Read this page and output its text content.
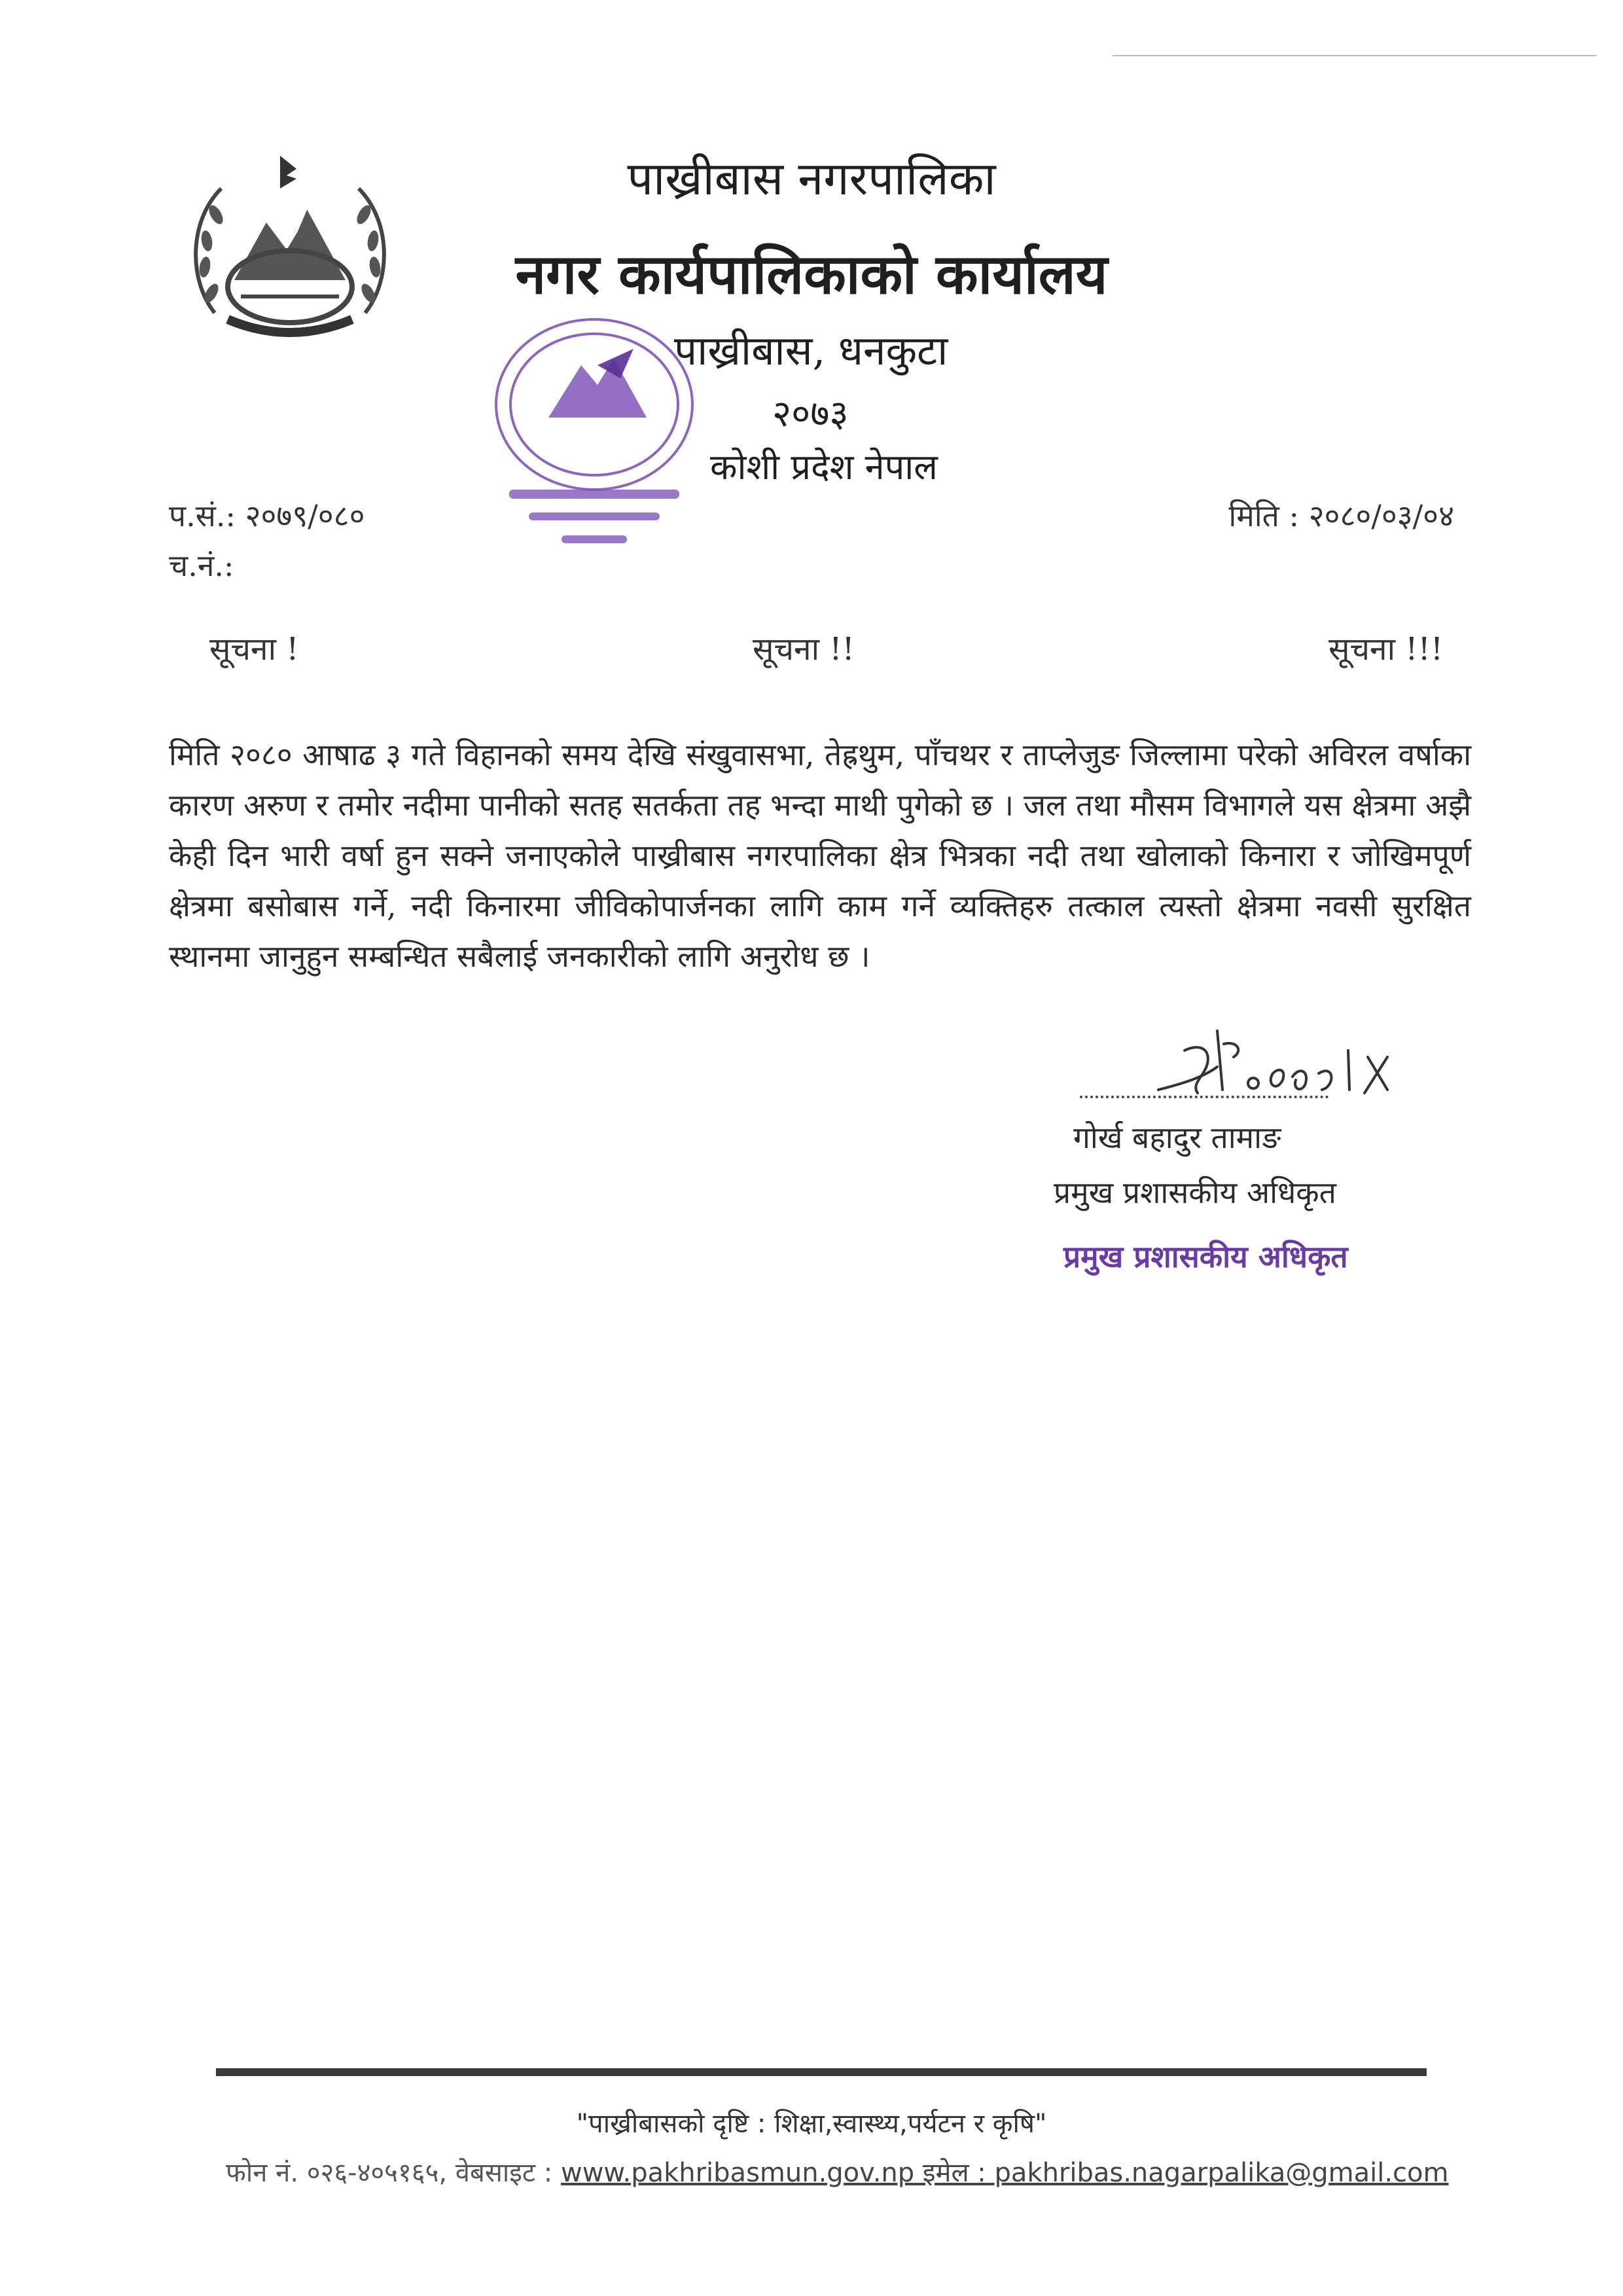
पाख्रीबास नगरपालिका
नगर कार्यपालिकाको कार्यालय
पाख्रीबास, धनकुटा
२०७३
कोशी प्रदेश नेपाल
प.सं.: २०७९/०८०
च.नं.:
मिति : २०८०/०३/०४
सूचना !	सूचना !!	सूचना !!!
मिति २०८० आषाढ ३ गते विहानको समय देखि संखुवासभा, तेह्रथुम, पाँचथर र ताप्लेजुङ जिल्लामा परेको अविरल वर्षाका कारण अरुण र तमोर नदीमा पानीको सतह सतर्कता तह भन्दा माथी पुगेको छ । जल तथा मौसम विभागले यस क्षेत्रमा अझै केही दिन भारी वर्षा हुन सक्ने जनाएकोले पाख्रीबास नगरपालिका क्षेत्र भित्रका नदी तथा खोलाको किनारा र जोखिमपूर्ण क्षेत्रमा बसोबास गर्ने, नदी किनारमा जीविकोपार्जनका लागि काम गर्ने व्यक्तिहरु तत्काल त्यस्तो क्षेत्रमा नवसी सुरक्षित स्थानमा जानुहुन सम्बन्धित सबैलाई जनकारीको लागि अनुरोध छ ।
गोर्ख बहादुर तामाङ
प्रमुख प्रशासकीय अधिकृत
प्रमुख प्रशासकीय अधिकृत
"पाख्रीबासको दृष्टि : शिक्षा,स्वास्थ्य,पर्यटन र कृषि"
फोन नं. ०२६-४०५१६५, वेबसाइट : www.pakhribasmun.gov.np इमेल : pakhribas.nagarpalika@gmail.com
